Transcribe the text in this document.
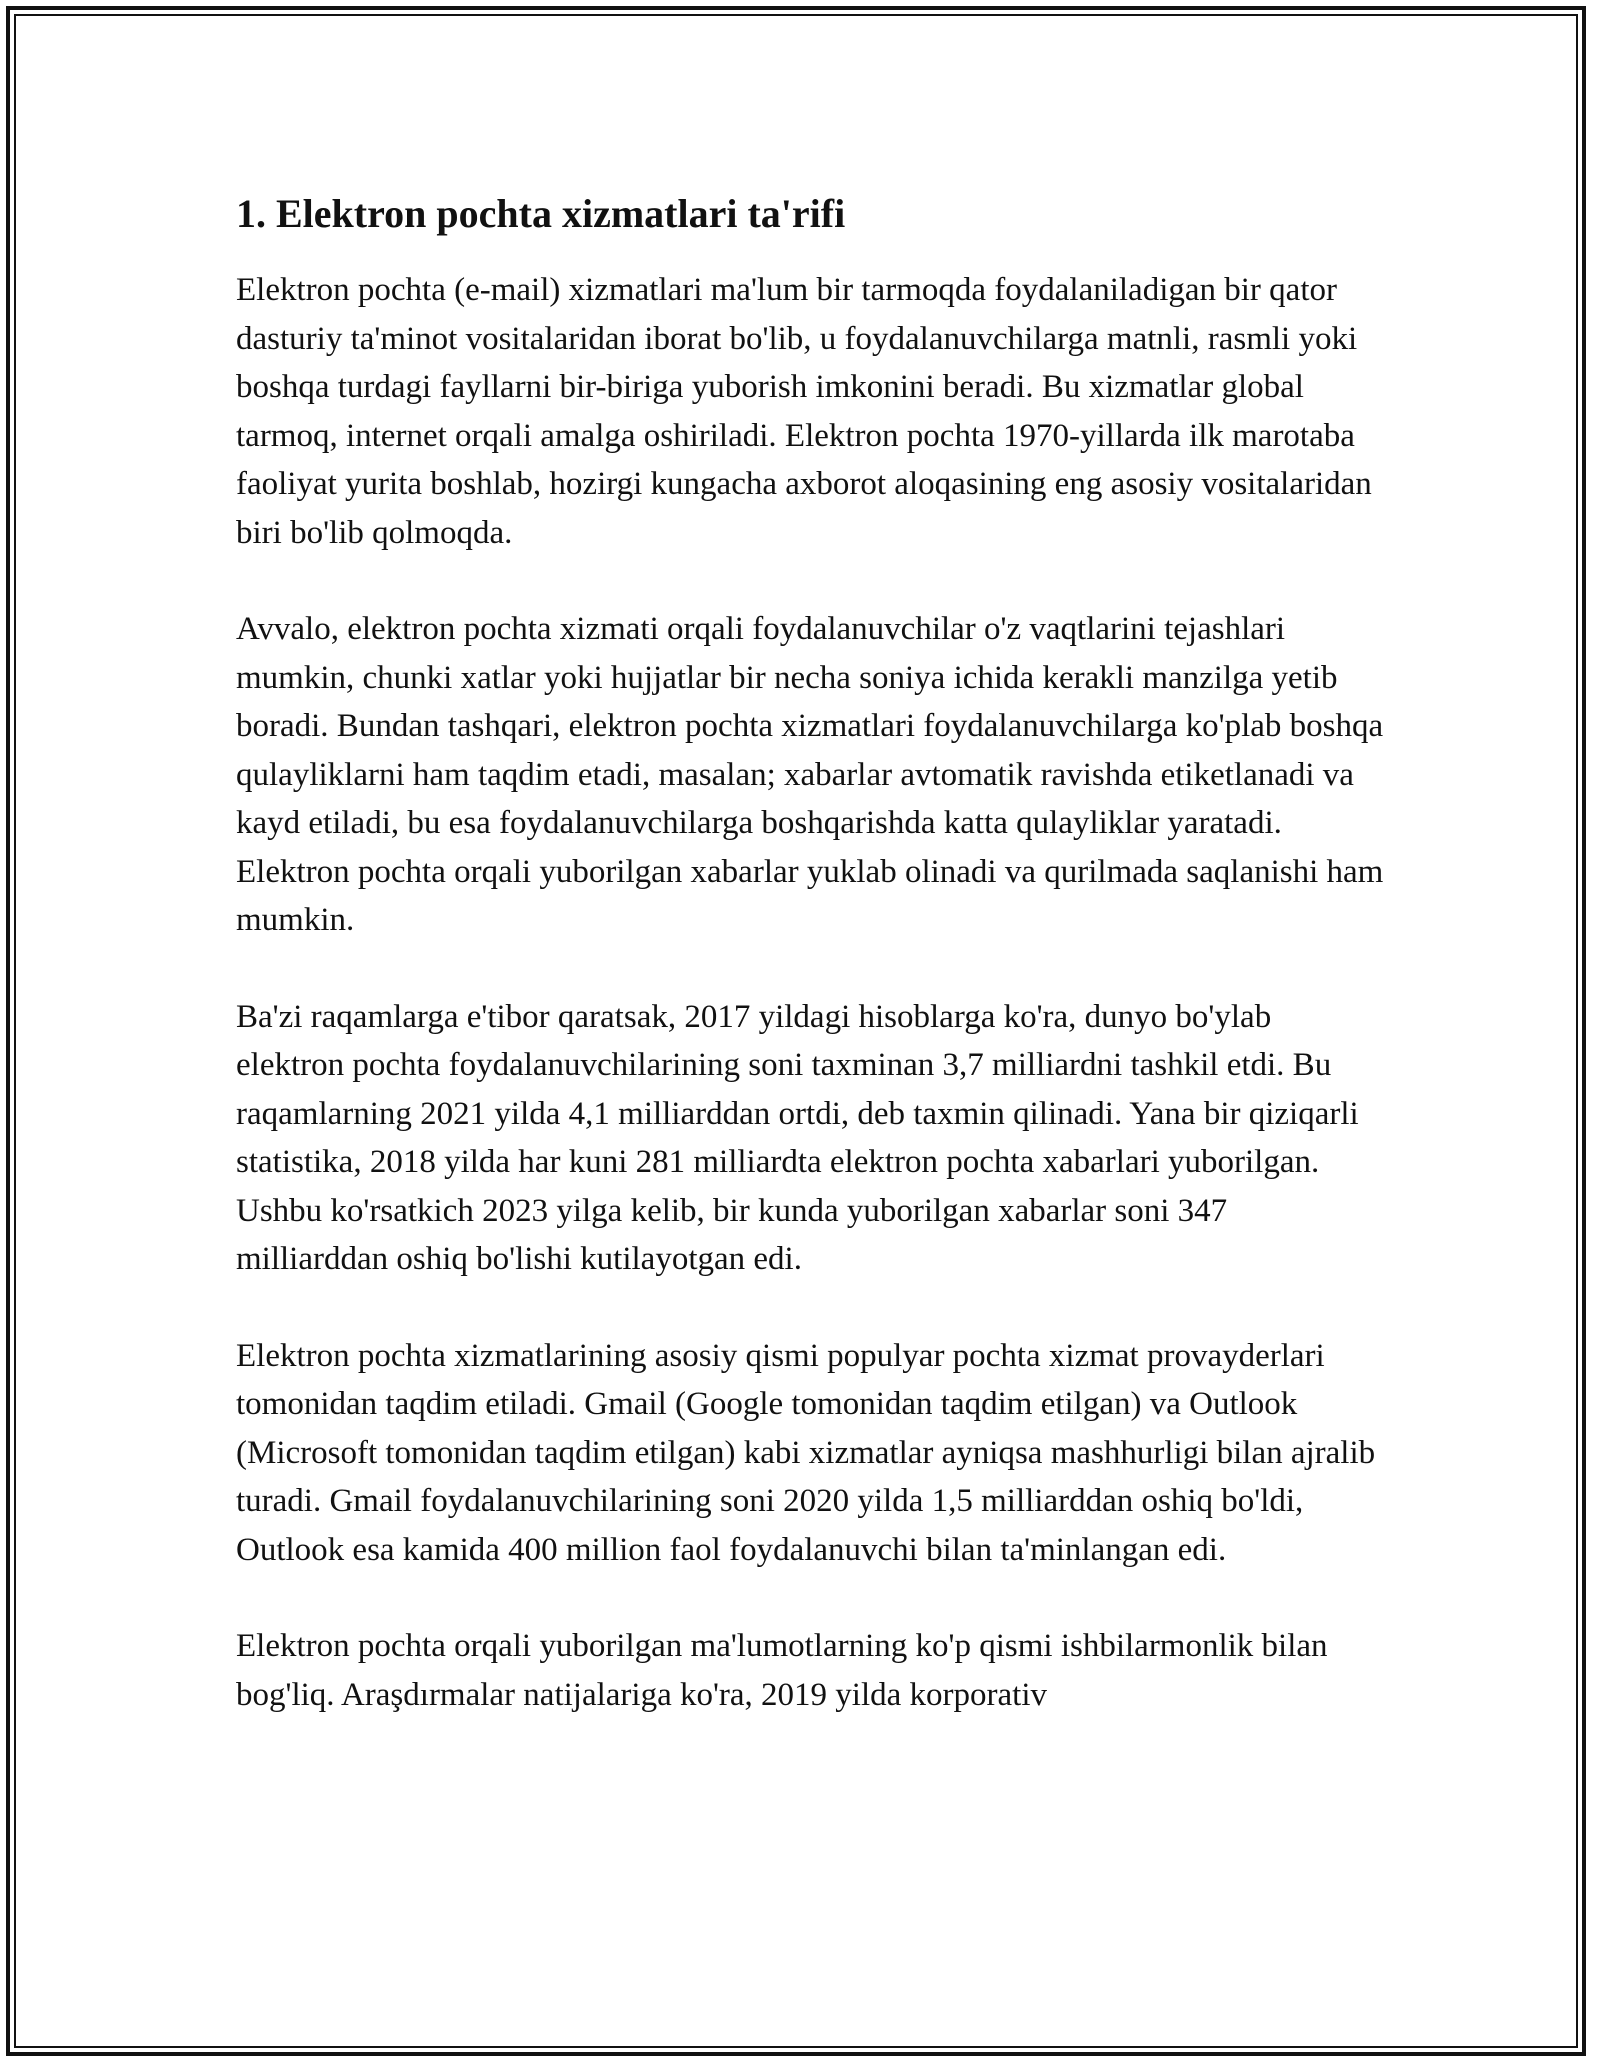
1. Elektron pochta xizmatlari ta'rifi

Elektron pochta (e-mail) xizmatlari ma'lum bir tarmoqda foydalaniladigan bir qator dasturiy ta'minot vositalaridan iborat bo'lib, u foydalanuvchilarga matnli, rasmli yoki boshqa turdagi fayllarni bir-biriga yuborish imkonini beradi. Bu xizmatlar global tarmoq, internet orqali amalga oshiriladi. Elektron pochta 1970-yillarda ilk marotaba faoliyat yurita boshlab, hozirgi kungacha axborot aloqasining eng asosiy vositalaridan biri bo'lib qolmoqda.

Avvalo, elektron pochta xizmati orqali foydalanuvchilar o'z vaqtlarini tejashlari mumkin, chunki xatlar yoki hujjatlar bir necha soniya ichida kerakli manzilga yetib boradi. Bundan tashqari, elektron pochta xizmatlari foydalanuvchilarga ko'plab boshqa qulayliklarni ham taqdim etadi, masalan; xabarlar avtomatik ravishda etiketlanadi va kayd etiladi, bu esa foydalanuvchilarga boshqarishda katta qulayliklar yaratadi. Elektron pochta orqali yuborilgan xabarlar yuklab olinadi va qurilmada saqlanishi ham mumkin.

Ba'zi raqamlarga e'tibor qaratsak, 2017 yildagi hisoblarga ko'ra, dunyo bo'ylab elektron pochta foydalanuvchilarining soni taxminan 3,7 milliardni tashkil etdi. Bu raqamlarning 2021 yilda 4,1 milliarddan ortdi, deb taxmin qilinadi. Yana bir qiziqarli statistika, 2018 yilda har kuni 281 milliardta elektron pochta xabarlari yuborilgan. Ushbu ko'rsatkich 2023 yilga kelib, bir kunda yuborilgan xabarlar soni 347 milliarddan oshiq bo'lishi kutilayotgan edi.

Elektron pochta xizmatlarining asosiy qismi populyar pochta xizmat provayderlari tomonidan taqdim etiladi. Gmail (Google tomonidan taqdim etilgan) va Outlook (Microsoft tomonidan taqdim etilgan) kabi xizmatlar ayniqsa mashhurligi bilan ajralib turadi. Gmail foydalanuvchilarining soni 2020 yilda 1,5 milliarddan oshiq bo'ldi, Outlook esa kamida 400 million faol foydalanuvchi bilan ta'minlangan edi.

Elektron pochta orqali yuborilgan ma'lumotlarning ko'p qismi ishbilarmonlik bilan bog'liq. Araşdırmalar natijalariga ko'ra, 2019 yilda korporativ
